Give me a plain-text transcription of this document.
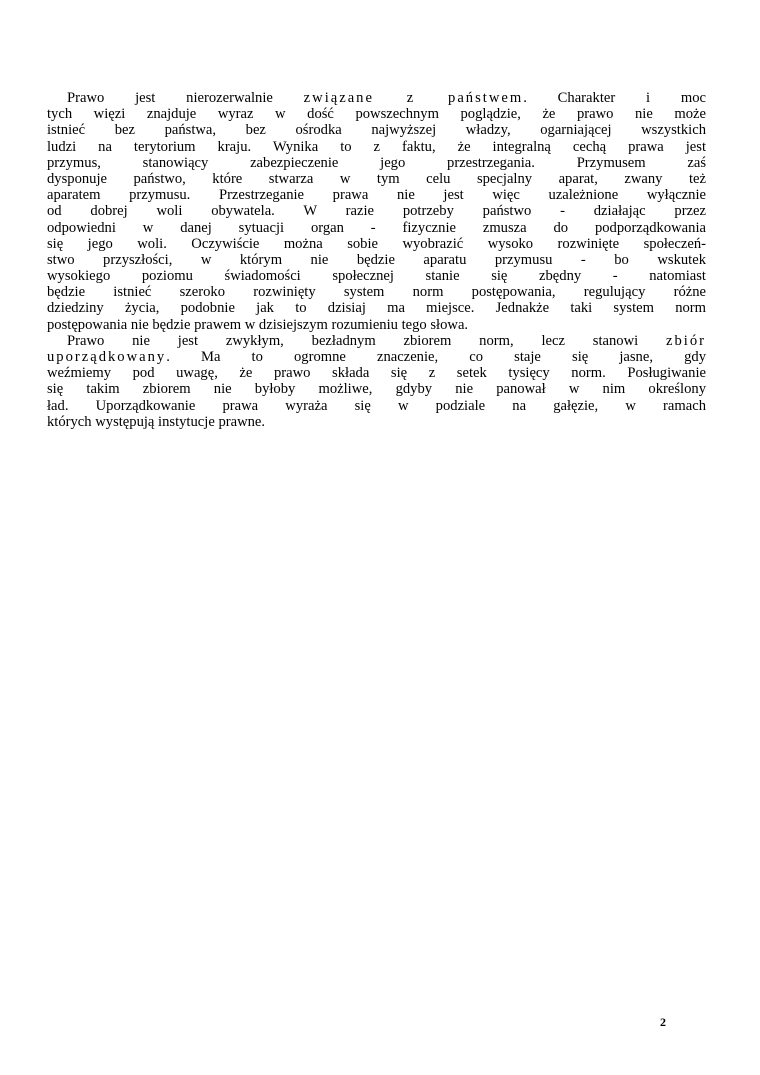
Prawo jest nierozerwalnie związane z państwem. Charakter i moc
tych więzi znajduje wyraz w dość powszechnym poglądzie, że prawo nie może
istnieć bez państwa, bez ośrodka najwyższej władzy, ogarniającej wszystkich
ludzi na terytorium kraju. Wynika to z faktu, że integralną cechą prawa jest
przymus, stanowiący zabezpieczenie jego przestrzegania. Przymusem zaś
dysponuje państwo, które stwarza w tym celu specjalny aparat, zwany też
aparatem przymusu. Przestrzeganie prawa nie jest więc uzależnione wyłącznie
od dobrej woli obywatela. W razie potrzeby państwo - działając przez
odpowiedni w danej sytuacji organ - fizycznie zmusza do podporządkowania
się jego woli. Oczywiście można sobie wyobrazić wysoko rozwinięte społeczeń-
stwo przyszłości, w którym nie będzie aparatu przymusu - bo wskutek
wysokiego poziomu świadomości społecznej stanie się zbędny - natomiast
będzie istnieć szeroko rozwinięty system norm postępowania, regulujący różne
dziedziny życia, podobnie jak to dzisiaj ma miejsce. Jednakże taki system norm
postępowania nie będzie prawem w dzisiejszym rozumieniu tego słowa.
Prawo nie jest zwykłym, bezładnym zbiorem norm, lecz stanowi zbiór
uporządkowany. Ma to ogromne znaczenie, co staje się jasne, gdy
weźmiemy pod uwagę, że prawo składa się z setek tysięcy norm. Posługiwanie
się takim zbiorem nie byłoby możliwe, gdyby nie panował w nim określony
ład. Uporządkowanie prawa wyraża się w podziale na gałęzie, w ramach
których występują instytucje prawne.
2
